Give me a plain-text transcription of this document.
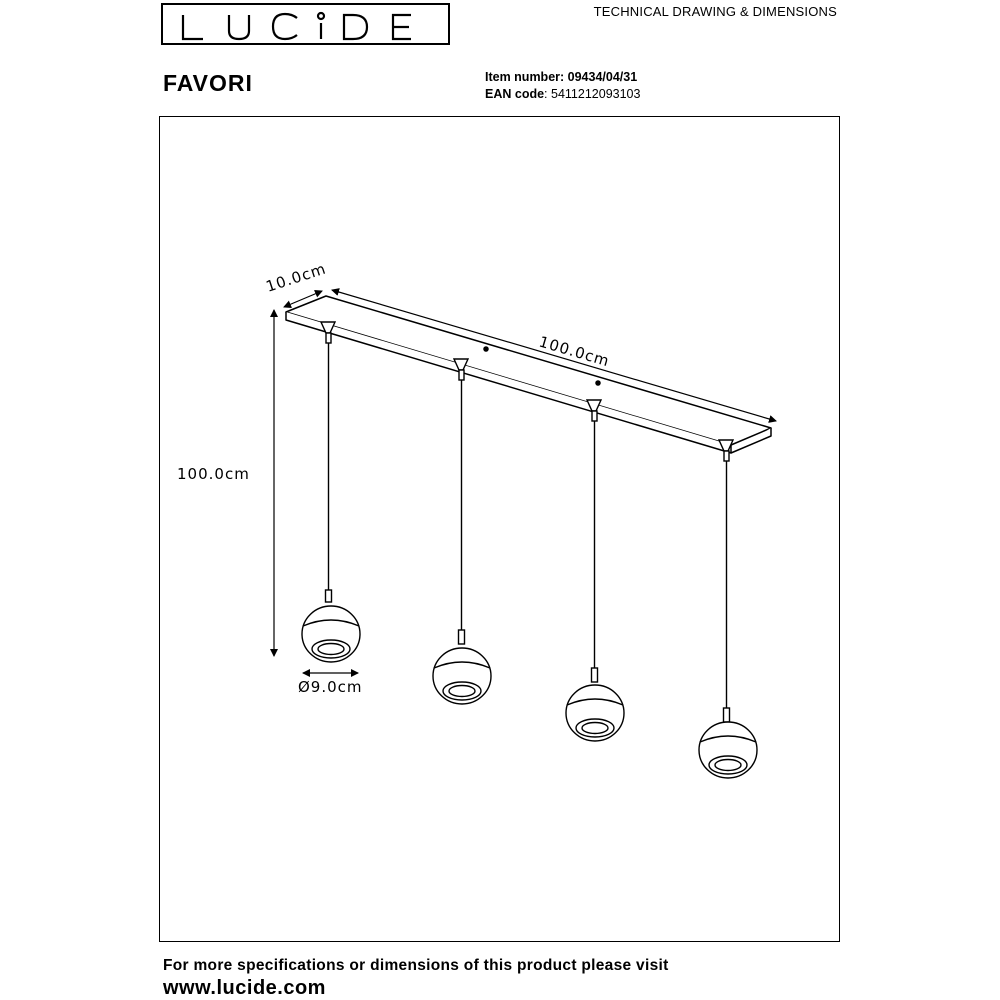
TECHNICAL DRAWING & DIMENSIONS
FAVORI	Item number: 09434/04/31
EAN code: 5411212093103
10.0cm
100.0cm
100.0cm
Ø9.0cm
For more specifications or dimensions of this product please visit
www.lucide.com
